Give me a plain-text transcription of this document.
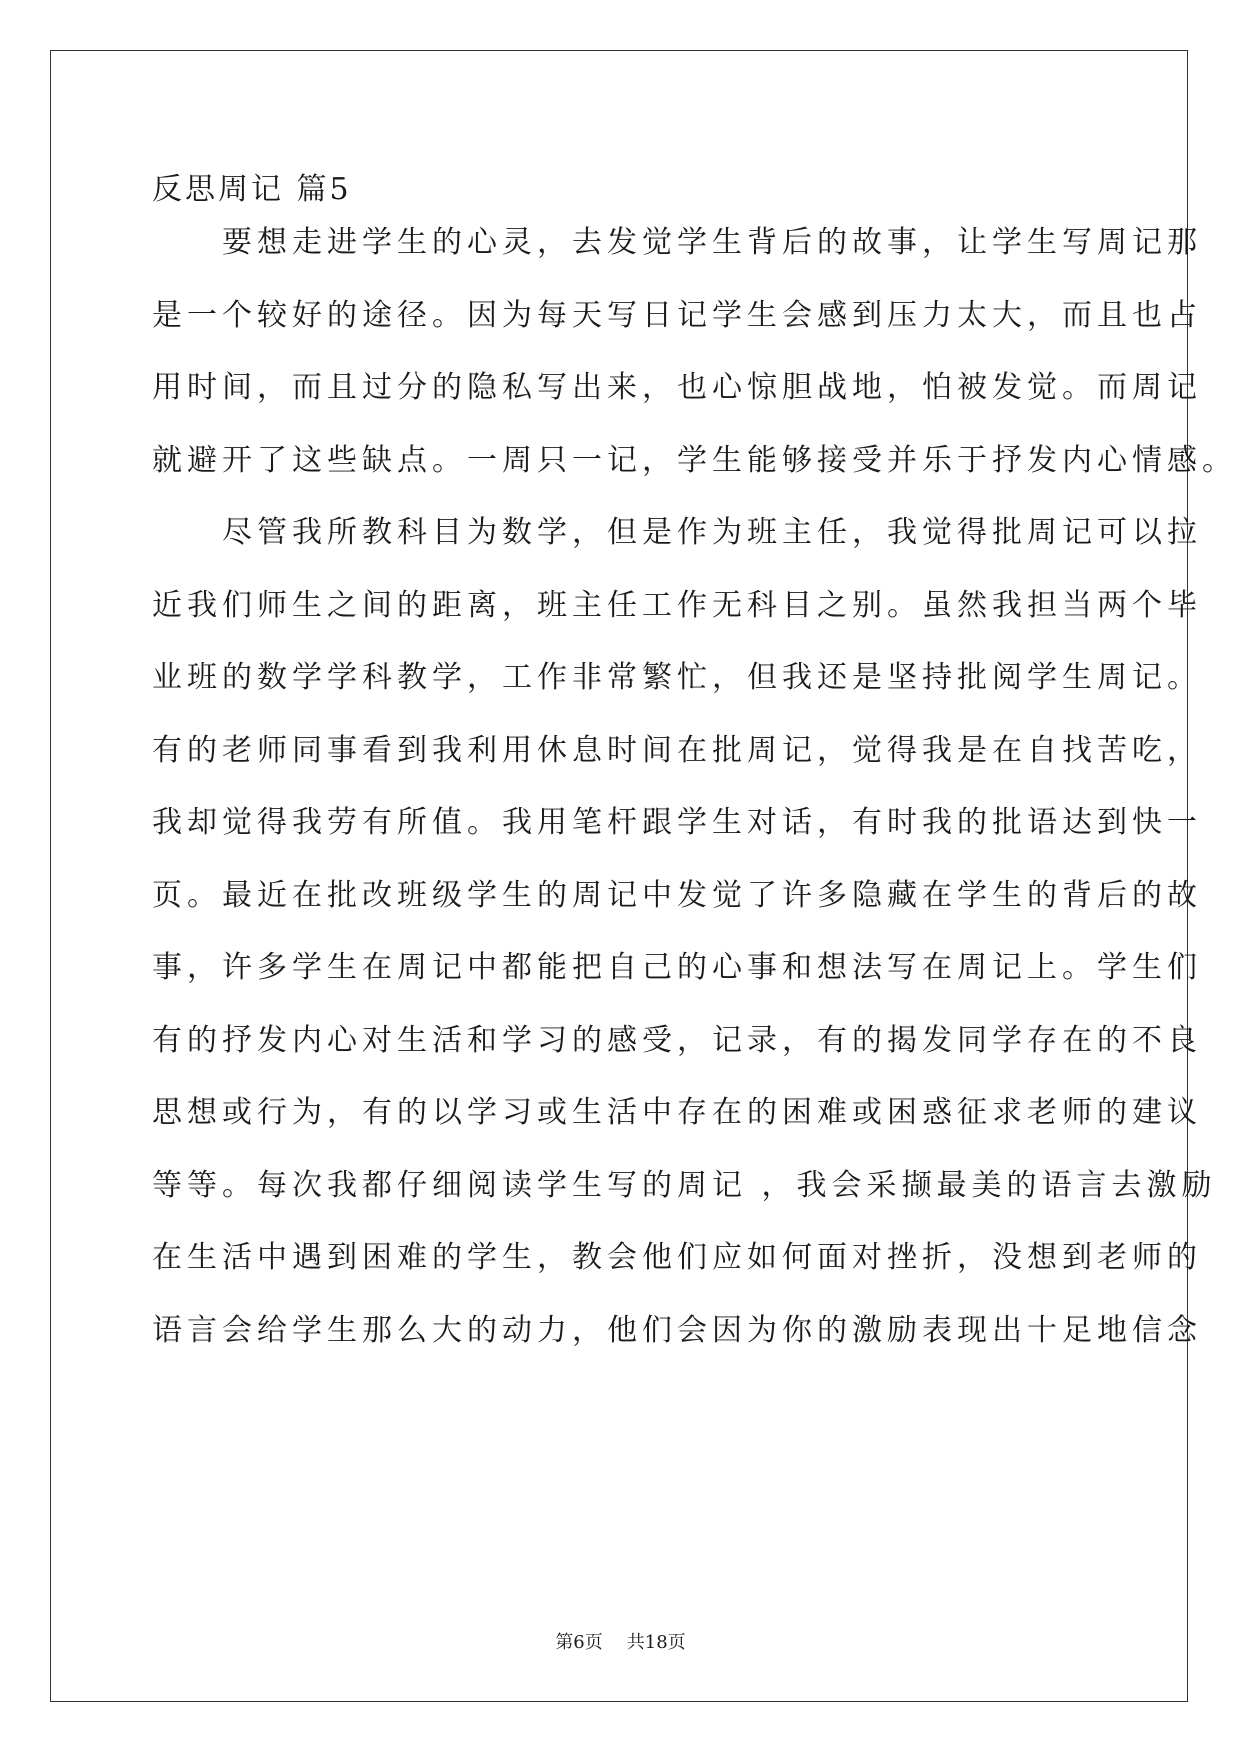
反思周记 篇5
　　要想走进学生的心灵，去发觉学生背后的故事，让学生写周记那
是一个较好的途径。因为每天写日记学生会感到压力太大，而且也占
用时间，而且过分的隐私写出来，也心惊胆战地，怕被发觉。而周记
就避开了这些缺点。一周只一记，学生能够接受并乐于抒发内心情感。
　　尽管我所教科目为数学，但是作为班主任，我觉得批周记可以拉
近我们师生之间的距离，班主任工作无科目之别。虽然我担当两个毕
业班的数学学科教学，工作非常繁忙，但我还是坚持批阅学生周记。
有的老师同事看到我利用休息时间在批周记，觉得我是在自找苦吃，
我却觉得我劳有所值。我用笔杆跟学生对话，有时我的批语达到快一
页。最近在批改班级学生的周记中发觉了许多隐藏在学生的背后的故
事，许多学生在周记中都能把自己的心事和想法写在周记上。学生们
有的抒发内心对生活和学习的感受，记录，有的揭发同学存在的不良
思想或行为，有的以学习或生活中存在的困难或困惑征求老师的建议
等等。每次我都仔细阅读学生写的周记 ，我会采撷最美的语言去激励
在生活中遇到困难的学生，教会他们应如何面对挫折，没想到老师的
语言会给学生那么大的动力，他们会因为你的激励表现出十足地信念
第6页 共18页
